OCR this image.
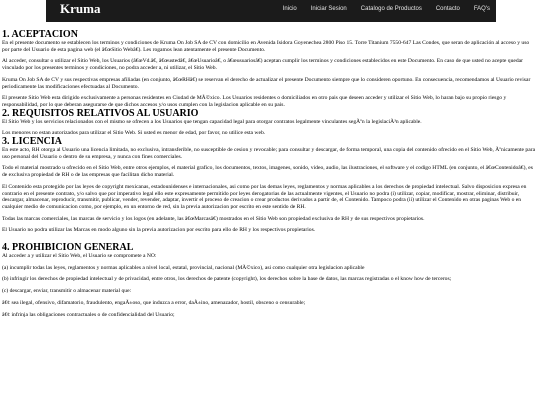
Kruma	Inicio Iniciar Sesion Catalogo de Productos Contacto FAQ's
1. ACEPTACION

En el presente documento se establecen los terminos y condiciones de Kruma On Job SA de CV con domicilio en Avenida Isidora Goyenechea 2800 Piso 15. Torre Titanium 7550-647 Las Condes, que seran de aplicación al acceso y uso por parte del Usuario de esta pagina web (el â€œSitio Webâ€). Les rogamos lean atentamente el presente Documento.

Al acceder, consultar o utilizar el Sitio Web, los Usuarios (â€œVd.â€, â€œustedâ€, â€œUsuarioâ€, o â€œusuariosâ€) aceptan cumplir los terminos y condiciones establecidos en este Documento. En caso de que usted no acepte quedar vinculado por los presentes terminos y condiciones, no podra acceder a, ni utilizar, el Sitio Web.

Kruma On Job SA de CV y sus respectivas empresas afiliadas (en conjunto, â€œRHâ€) se reservan el derecho de actualizar el presente Documento siempre que lo consideren oportuno. En consecuencia, recomendamos al Usuario revisar periodicamente las modificaciones efectuadas al Documento.

El presente Sitio Web esta dirigido exclusivamente a personas residentes en Ciudad de MÃ©xico. Los Usuarios residentes o domiciliados en otro pais que deseen acceder y utilizar el Sitio Web, lo haran bajo su propio riesgo y responsabilidad, por lo que deberan asegurarse de que dichos accesos y/o usos cumplen con la legislacion aplicable en su pais.

2. REQUISITOS RELATIVOS AL USUARIO

El Sitio Web y los servicios relacionados con el mismo se ofrecen a los Usuarios que tengan capacidad legal para otorgar contratos legalmente vinculantes segÃºn la legislaciÃ³n aplicable.

Los menores no estan autorizados para utilizar el Sitio Web. Si usted es menor de edad, por favor, no utilice esta web.

3. LICENCIA

En este acto, RH otorga al Usuario una licencia limitada, no exclusiva, intransferible, no susceptible de cesion y revocable; para consultar y descargar, de forma temporal, una copia del contenido ofrecido en el Sitio Web, Ãºnicamente para uso personal del Usuario o dentro de su empresa, y nunca con fines comerciales.

Todo el material mostrado u ofrecido en el Sitio Web, entre otros ejemplos, el material grafico, los documentos, textos, imagenes, sonido, video, audio, las ilustraciones, el software y el codigo HTML (en conjunto, el â€œContenidoâ€), es de exclusiva propiedad de RH o de las empresas que facilitan dicho material.

El Contenido esta protegido por las leyes de copyright mexicanas, estadounidenses e internacionales, asi como por las demas leyes, reglamentos y normas aplicables a los derechos de propiedad intelectual. Salvo disposicion expresa en contrario en el presente contrato, y/o salvo que por imperativo legal ello este expresamente permitido por leyes derogatorias de las actualmente vigentes, el Usuario no podra (i) utilizar, copiar, modificar, mostrar, eliminar, distribuir, descargar, almacenar, reproducir, transmitir, publicar, vender, revender, adaptar, invertir el proceso de creacion o crear productos derivados a partir de, el Contenido. Tampoco podra (ii) utilizar el Contenido en otras paginas Web o en cualquier medio de comunicacion como, por ejemplo, en un entorno de red, sin la previa autorizacion por escrito en este sentido de RH.

Todas las marcas comerciales, las marcas de servicio y los logos (en adelante, las â€œMarcasâ€) mostrados en el Sitio Web son propiedad exclusiva de RH y de sus respectivos propietarios.

El Usuario no podra utilizar las Marcas en modo alguno sin la previa autorizacion por escrito para ello de RH y los respectivos propietarios.

4. PROHIBICION GENERAL

Al acceder a y utilizar el Sitio Web, el Usuario se compromete a NO:

(a) incumplir todas las leyes, reglamentos y normas aplicables a nivel local, estatal, provincial, nacional (MÃ©xico), asi como cualquier otra legislacion aplicable

(b) infringir los derechos de propiedad intelectual y de privacidad, entre otros, los derechos de patente (copyright), los derechos sobre la base de datos, las marcas registradas o el know how de terceros;

(c) descargar, enviar, transmitir o almacenar material que:

â€¢ sea ilegal, ofensivo, difamatorio, fraudulento, engaÃ±oso, que induzca a error, daÃ±ino, amenazador, hostil, obsceno o censurable;

â€¢ infrinja las obligaciones contractuales o de confidencialidad del Usuario;
